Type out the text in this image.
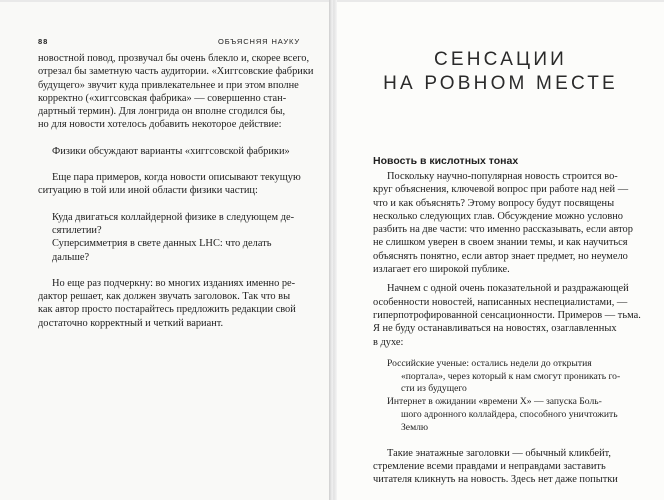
88	ОБЪЯСНЯЯ НАУКУ
новостной повод, прозвучал бы очень блекло и, скорее всего,
отрезал бы заметную часть аудитории. «Хиггсовские фабрики
будущего» звучит куда привлекательнее и при этом вполне
корректно («хиггсовская фабрика» — совершенно стан-
дартный термин). Для лонгрида он вполне сгодился бы,
но для новости хотелось добавить некоторое действие:
Физики обсуждают варианты «хиггсовской фабрики»
Еще пара примеров, когда новости описывают текущую
ситуацию в той или иной области физики частиц:
Куда двигаться коллайдерной физике в следующем де-
сятилетии?
Суперсимметрия в свете данных LHC: что делать
дальше?
Но еще раз подчеркну: во многих изданиях именно ре-
дактор решает, как должен звучать заголовок. Так что вы
как автор просто постарайтесь предложить редакции свой
достаточно корректный и четкий вариант.
СЕНСАЦИИ
НА РОВНОМ МЕСТЕ
Новость в кислотных тонах
Поскольку научно-популярная новость строится во-
круг объяснения, ключевой вопрос при работе над ней —
что и как объяснять? Этому вопросу будут посвящены
несколько следующих глав. Обсуждение можно условно
разбить на две части: что именно рассказывать, если автор
не слишком уверен в своем знании темы, и как научиться
объяснять понятно, если автор знает предмет, но неумело
излагает его широкой публике.
Начнем с одной очень показательной и раздражающей
особенности новостей, написанных неспециалистами, —
гиперпотрофированной сенсационности. Примеров — тьма.
Я не буду останавливаться на новостях, озаглавленных
в духе:
Российские ученые: остались недели до открытия
«портала», через который к нам смогут проникать го-
сти из будущего
Интернет в ожидании «времени X» — запуска Боль-
шого адронного коллайдера, способного уничтожить
Землю
Такие энатажные заголовки — обычный кликбейт,
стремление всеми правдами и неправдами заставить
читателя кликнуть на новость. Здесь нет даже попытки
